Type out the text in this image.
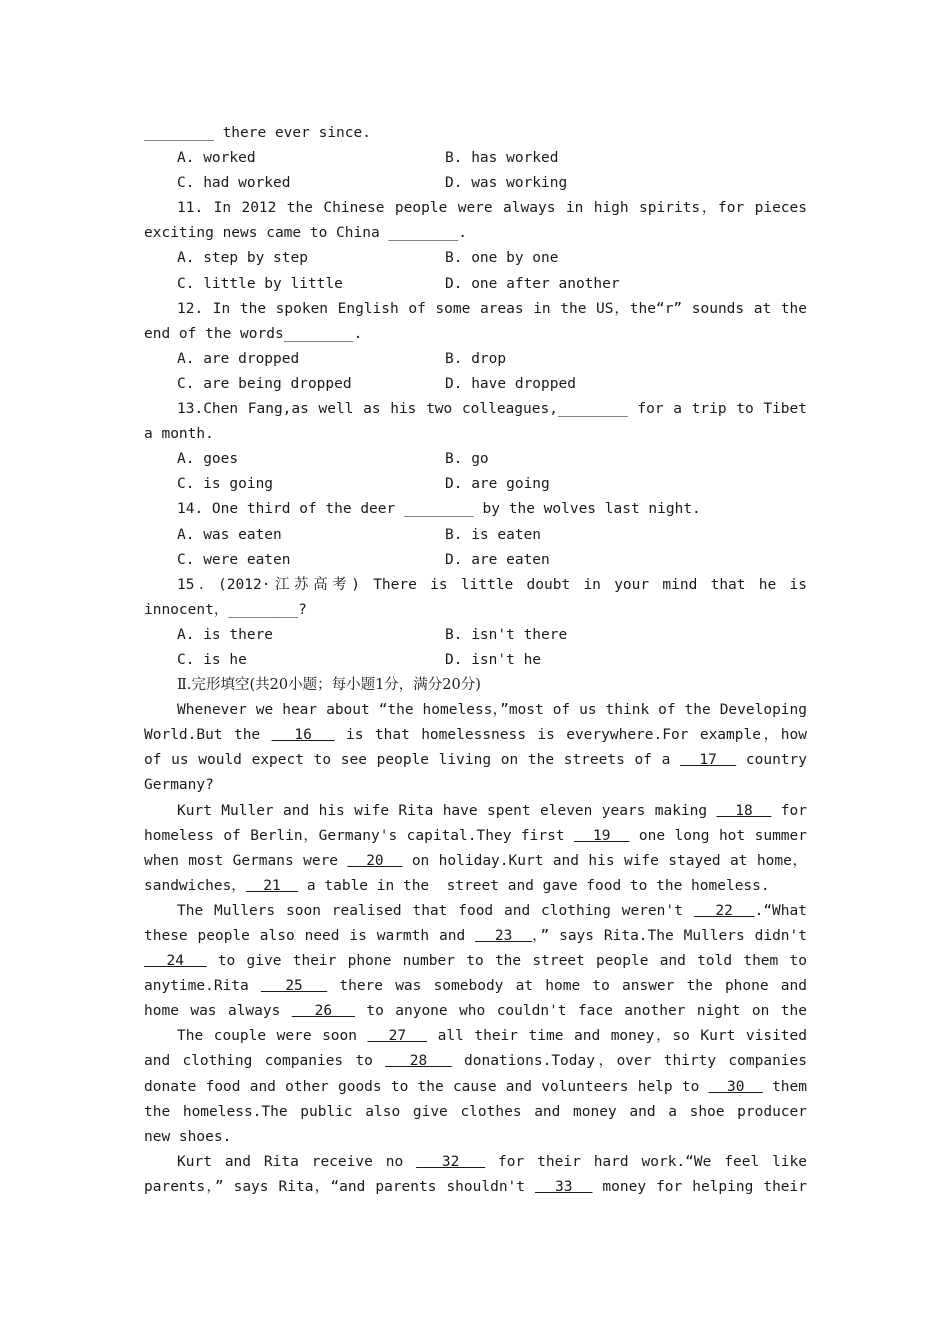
________ there ever since.
A. worked	B. has worked
C. had worked	D. was working
11. In 2012 the Chinese people were always in high spirits，for pieces
exciting news came to China ________.
A. step by step	B. one by one
C. little by little	D. one after another
12. In the spoken English of some areas in the US，the“r” sounds at the
end of the words________.
A. are dropped	B. drop
C. are being dropped	D. have dropped
13.Chen Fang,as well as his two colleagues,________ for a trip to Tibet
a month.
A. goes	B. go
C. is going	D. are going
14. One third of the deer ________ by the wolves last night.
A. was eaten	B. is eaten
C. were eaten	D. are eaten
15．(2012·江苏高考) There is little doubt in your mind that he is
innocent，________?
A. is there	B. isn't there
C. is he	D. isn't he
Ⅱ.完形填空(共20小题；每小题1分，满分20分)
Whenever we hear about “the homeless，”most of us think of the Developing
World.But the   16   is that homelessness is everywhere.For example，how
of us would expect to see people living on the streets of a   17   country
Germany?
Kurt Muller and his wife Rita have spent eleven years making   18   for
homeless of Berlin，Germany's capital.They first   19   one long hot summer
when most Germans were   20   on holiday.Kurt and his wife stayed at home，
sandwiches，  21   a table in the  street and gave food to the homeless.
The Mullers soon realised that food and clothing weren't   22  .“What
these people also need is warmth and   23  ，” says Rita.The Mullers didn't
24   to give their phone number to the street people and told them to
anytime.Rita   25   there was somebody at home to answer the phone and
home was always   26   to anyone who couldn't face another night on the
The couple were soon   27   all their time and money，so Kurt visited
and clothing companies to   28   donations.Today，over thirty companies
donate food and other goods to the cause and volunteers help to   30   them
the homeless.The public also give clothes and money and a shoe producer
new shoes.
Kurt and Rita receive no   32   for their hard work.“We feel like
parents，” says Rita，“and parents shouldn't   33   money for helping their
